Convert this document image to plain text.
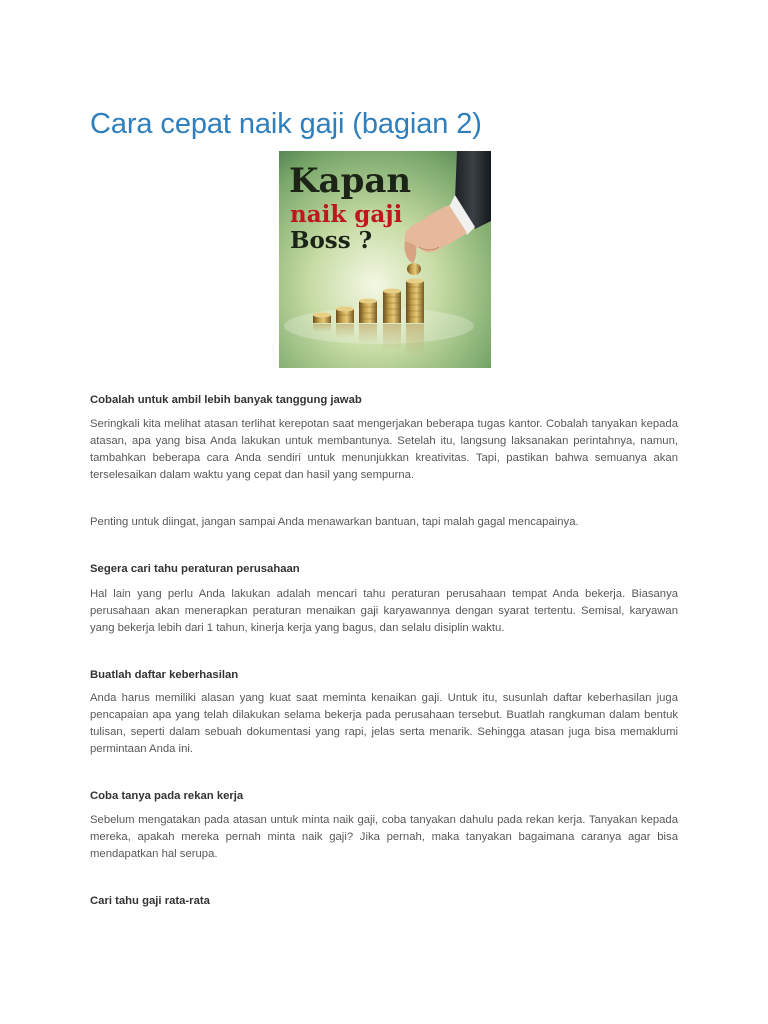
Cara cepat naik gaji (bagian 2)
Kapan
naik gaji
Boss ?
Cobalah untuk ambil lebih banyak tanggung jawab

Seringkali kita melihat atasan terlihat kerepotan saat mengerjakan beberapa tugas kantor. Cobalah tanyakan kepada atasan, apa yang bisa Anda lakukan untuk membantunya. Setelah itu, langsung laksanakan perintahnya, namun, tambahkan beberapa cara Anda sendiri untuk menunjukkan kreativitas. Tapi, pastikan bahwa semuanya akan terselesaikan dalam waktu yang cepat dan hasil yang sempurna.

Penting untuk diingat, jangan sampai Anda menawarkan bantuan, tapi malah gagal mencapainya.

Segera cari tahu peraturan perusahaan

Hal lain yang perlu Anda lakukan adalah mencari tahu peraturan perusahaan tempat Anda bekerja. Biasanya perusahaan akan menerapkan peraturan menaikan gaji karyawannya dengan syarat tertentu. Semisal, karyawan yang bekerja lebih dari 1 tahun, kinerja kerja yang bagus, dan selalu disiplin waktu.

Buatlah daftar keberhasilan

Anda harus memiliki alasan yang kuat saat meminta kenaikan gaji. Untuk itu, susunlah daftar keberhasilan juga pencapaian apa yang telah dilakukan selama bekerja pada perusahaan tersebut. Buatlah rangkuman dalam bentuk tulisan, seperti dalam sebuah dokumentasi yang rapi, jelas serta menarik. Sehingga atasan juga bisa memaklumi permintaan Anda ini.

Coba tanya pada rekan kerja

Sebelum mengatakan pada atasan untuk minta naik gaji, coba tanyakan dahulu pada rekan kerja. Tanyakan kepada mereka, apakah mereka pernah minta naik gaji? Jika pernah, maka tanyakan bagaimana caranya agar bisa mendapatkan hal serupa.

Cari tahu gaji rata-rata
